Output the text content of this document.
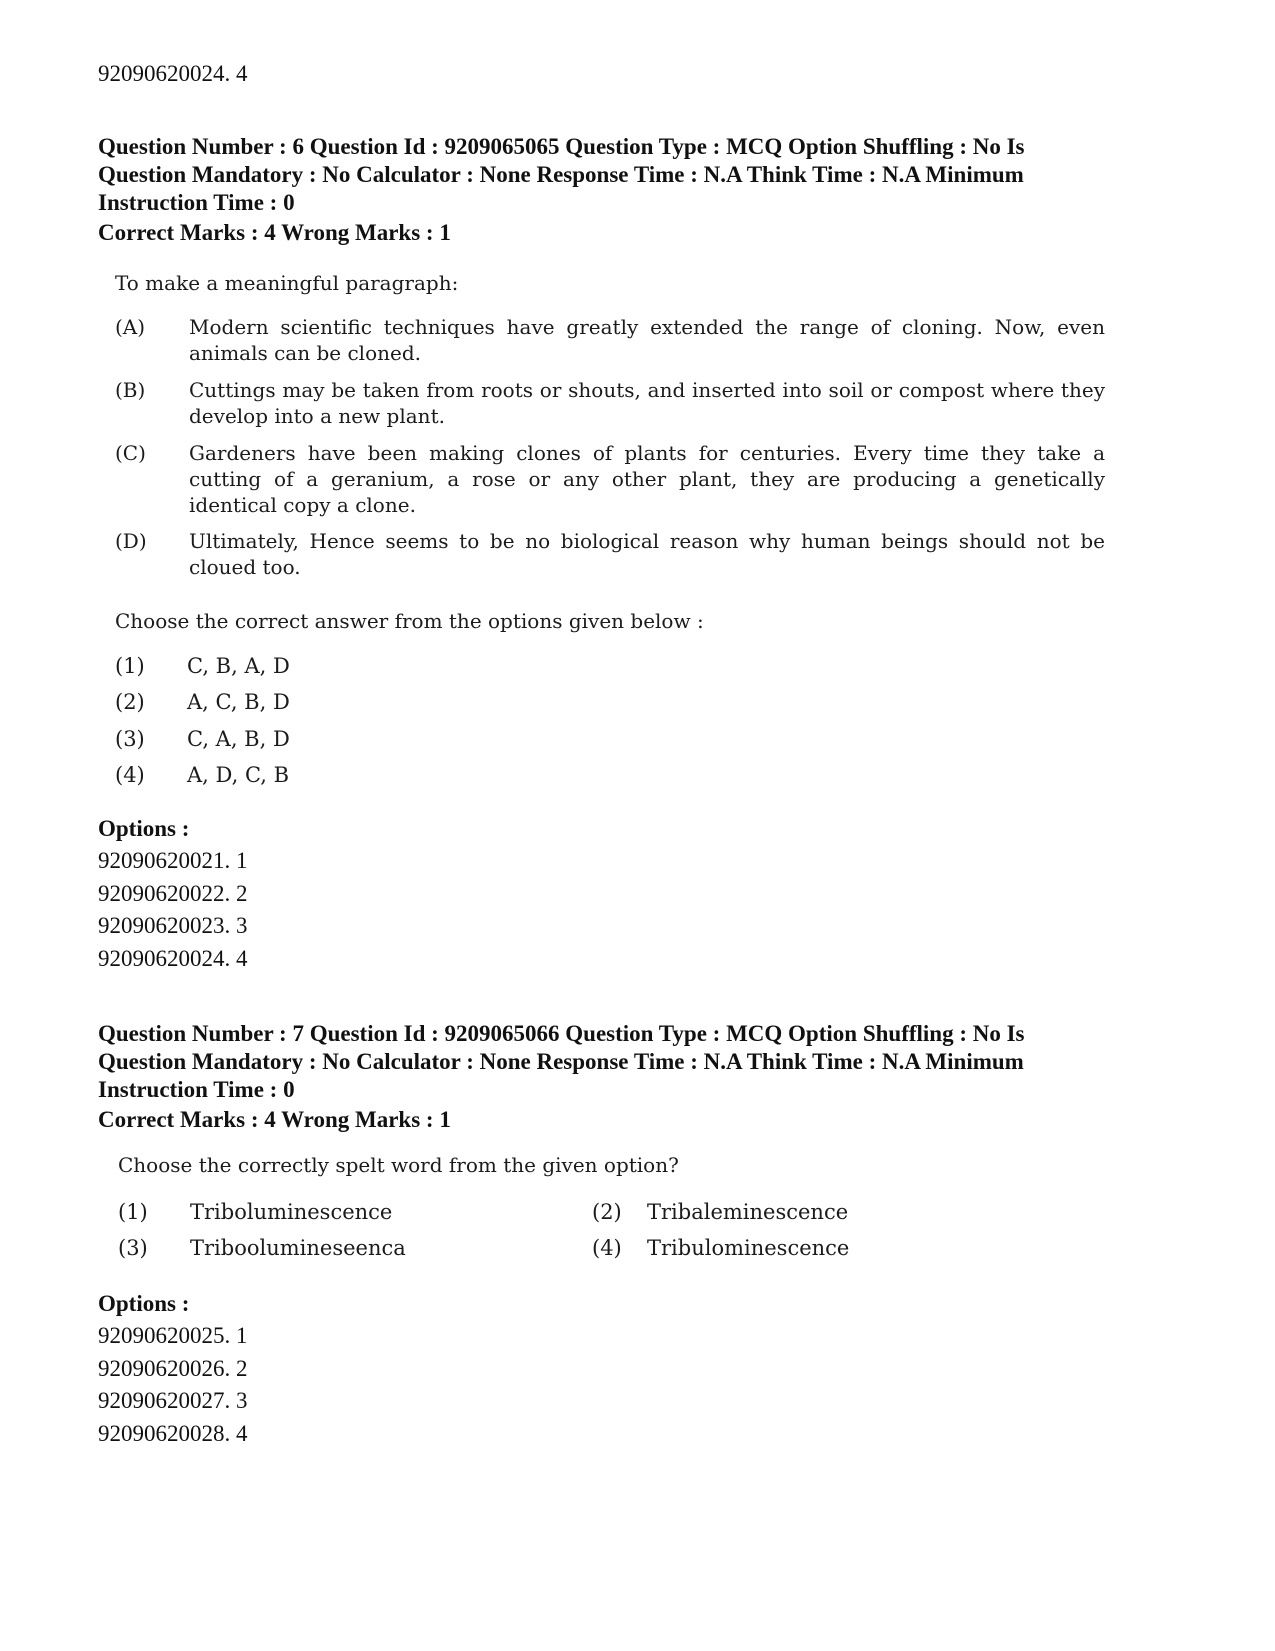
92090620024. 4
Question Number : 6 Question Id : 9209065065 Question Type : MCQ Option Shuffling : No Is Question Mandatory : No Calculator : None Response Time : N.A Think Time : N.A Minimum Instruction Time : 0
Correct Marks : 4 Wrong Marks : 1
To make a meaningful paragraph:
(A) Modern scientific techniques have greatly extended the range of cloning. Now, even animals can be cloned.
(B) Cuttings may be taken from roots or shouts, and inserted into soil or compost where they develop into a new plant.
(C) Gardeners have been making clones of plants for centuries. Every time they take a cutting of a geranium, a rose or any other plant, they are producing a genetically identical copy a clone.
(D) Ultimately, Hence seems to be no biological reason why human beings should not be cloued too.
Choose the correct answer from the options given below :
(1) C, B, A, D
(2) A, C, B, D
(3) C, A, B, D
(4) A, D, C, B
Options :
92090620021. 1
92090620022. 2
92090620023. 3
92090620024. 4
Question Number : 7 Question Id : 9209065066 Question Type : MCQ Option Shuffling : No Is Question Mandatory : No Calculator : None Response Time : N.A Think Time : N.A Minimum Instruction Time : 0
Correct Marks : 4 Wrong Marks : 1
Choose the correctly spelt word from the given option?
(1) Triboluminescence	(2) Tribaleminescence
(3) Triboolumineseenca	(4) Tribulominescence
Options :
92090620025. 1
92090620026. 2
92090620027. 3
92090620028. 4
